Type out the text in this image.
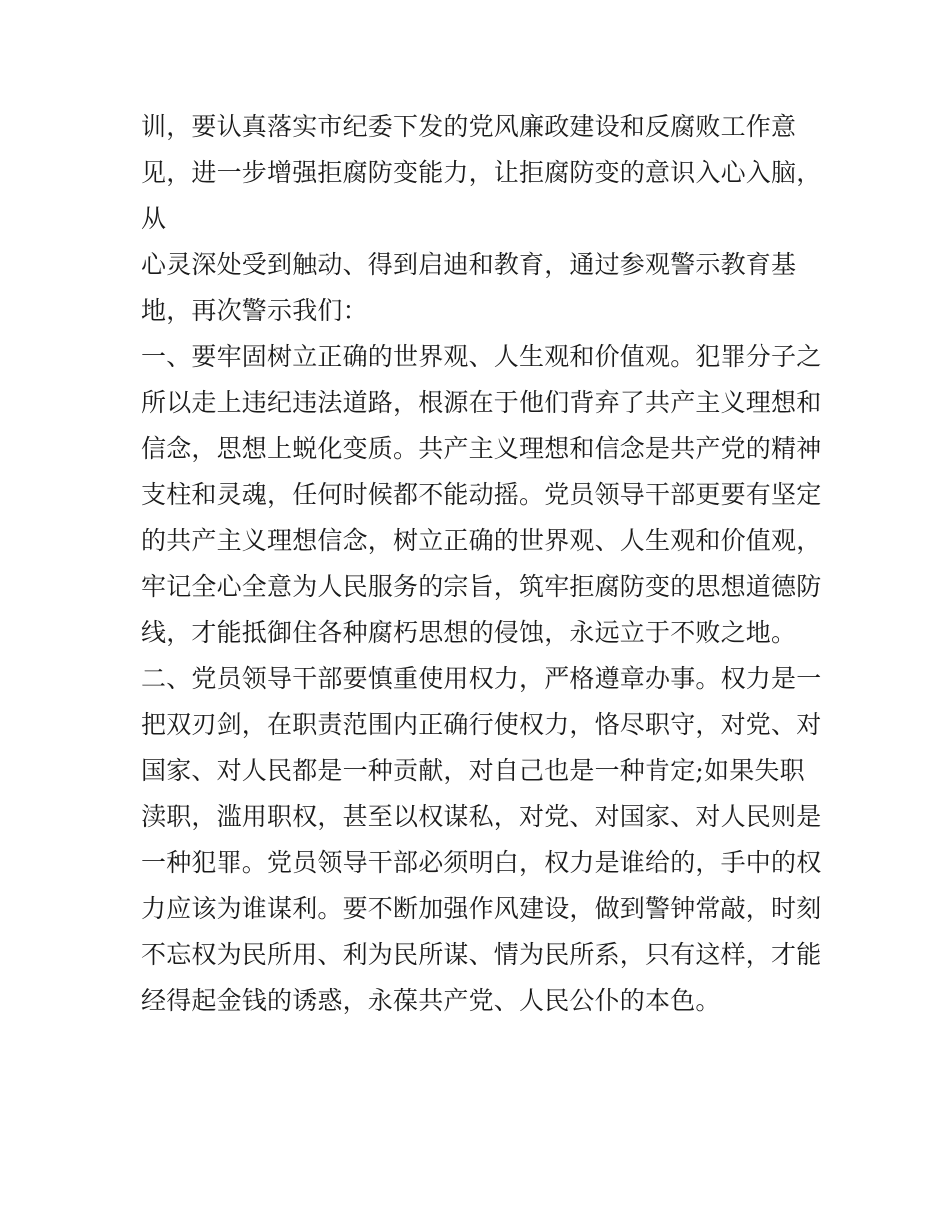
训，要认真落实市纪委下发的党风廉政建设和反腐败工作意
见，进一步增强拒腐防变能力，让拒腐防变的意识入心入脑，
从
心灵深处受到触动、得到启迪和教育，通过参观警示教育基
地，再次警示我们：
一、要牢固树立正确的世界观、人生观和价值观。犯罪分子之
所以走上违纪违法道路，根源在于他们背弃了共产主义理想和
信念，思想上蜕化变质。共产主义理想和信念是共产党的精神
支柱和灵魂，任何时候都不能动摇。党员领导干部更要有坚定
的共产主义理想信念，树立正确的世界观、人生观和价值观，
牢记全心全意为人民服务的宗旨，筑牢拒腐防变的思想道德防
线，才能抵御住各种腐朽思想的侵蚀，永远立于不败之地。
二、党员领导干部要慎重使用权力，严格遵章办事。权力是一
把双刃剑，在职责范围内正确行使权力，恪尽职守，对党、对
国家、对人民都是一种贡献，对自己也是一种肯定;如果失职
渎职，滥用职权，甚至以权谋私，对党、对国家、对人民则是
一种犯罪。党员领导干部必须明白，权力是谁给的，手中的权
力应该为谁谋利。要不断加强作风建设，做到警钟常敲，时刻
不忘权为民所用、利为民所谋、情为民所系，只有这样，才能
经得起金钱的诱惑，永葆共产党、人民公仆的本色。
